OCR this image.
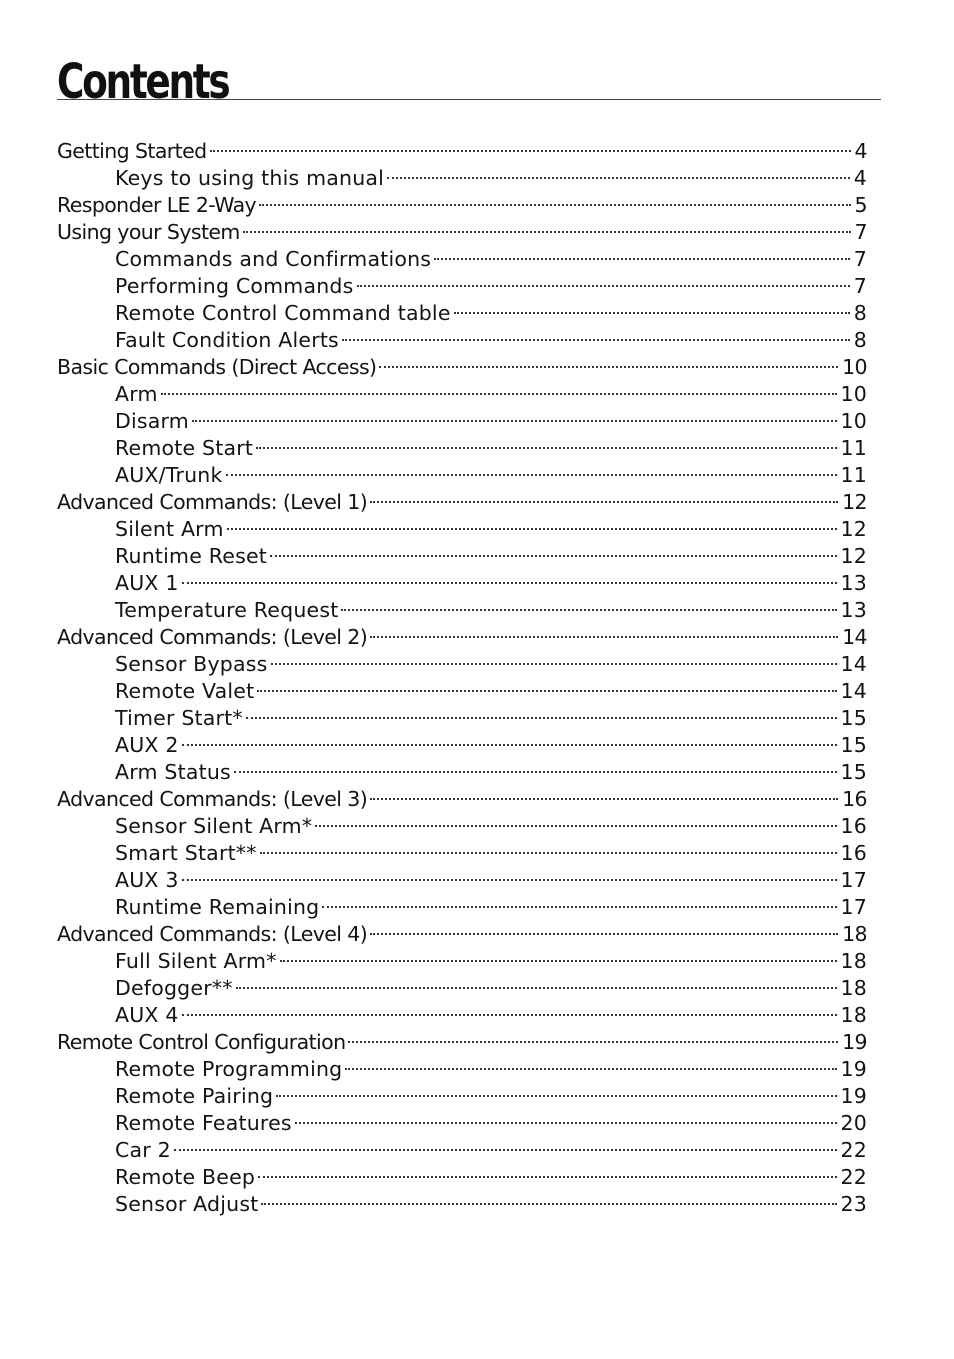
Contents
Getting Started	4
Keys to using this manual	4
Responder LE 2-Way	5
Using your System	7
Commands and Confirmations	7
Performing Commands	7
Remote Control Command table	8
Fault Condition Alerts	8
Basic Commands (Direct Access)	10
Arm	10
Disarm	10
Remote Start	11
AUX/Trunk	11
Advanced Commands: (Level 1)	12
Silent Arm	12
Runtime Reset	12
AUX 1	13
Temperature Request	13
Advanced Commands: (Level 2)	14
Sensor Bypass	14
Remote Valet	14
Timer Start*	15
AUX 2	15
Arm Status	15
Advanced Commands: (Level 3)	16
Sensor Silent Arm*	16
Smart Start**	16
AUX 3	17
Runtime Remaining	17
Advanced Commands: (Level 4)	18
Full Silent Arm*	18
Defogger**	18
AUX 4	18
Remote Control Configuration	19
Remote Programming	19
Remote Pairing	19
Remote Features	20
Car 2	22
Remote Beep	22
Sensor Adjust	23
